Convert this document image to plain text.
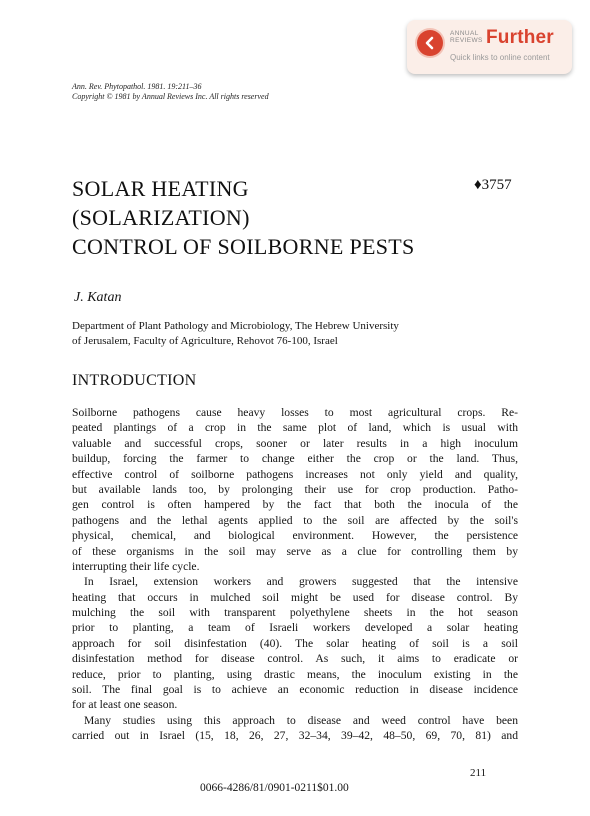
ANNUAL
REVIEWS Further
Quick links to online content
Ann. Rev. Phytopathol. 1981. 19:211–36
Copyright © 1981 by Annual Reviews Inc. All rights reserved
SOLAR HEATING
(SOLARIZATION)
CONTROL OF SOILBORNE PESTS
♦3757
J. Katan
Department of Plant Pathology and Microbiology, The Hebrew University
of Jerusalem, Faculty of Agriculture, Rehovot 76-100, Israel
INTRODUCTION
Soilborne pathogens cause heavy losses to most agricultural crops. Re-
peated plantings of a crop in the same plot of land, which is usual with
valuable and successful crops, sooner or later results in a high inoculum
buildup, forcing the farmer to change either the crop or the land. Thus,
effective control of soilborne pathogens increases not only yield and quality,
but available lands too, by prolonging their use for crop production. Patho-
gen control is often hampered by the fact that both the inocula of the
pathogens and the lethal agents applied to the soil are affected by the soil's
physical, chemical, and biological environment. However, the persistence
of these organisms in the soil may serve as a clue for controlling them by
interrupting their life cycle.
In Israel, extension workers and growers suggested that the intensive
heating that occurs in mulched soil might be used for disease control. By
mulching the soil with transparent polyethylene sheets in the hot season
prior to planting, a team of Israeli workers developed a solar heating
approach for soil disinfestation (40). The solar heating of soil is a soil
disinfestation method for disease control. As such, it aims to eradicate or
reduce, prior to planting, using drastic means, the inoculum existing in the
soil. The final goal is to achieve an economic reduction in disease incidence
for at least one season.
Many studies using this approach to disease and weed control have been
carried out in Israel (15, 18, 26, 27, 32–34, 39–42, 48–50, 69, 70, 81) and
211
0066-4286/81/0901-0211$01.00
